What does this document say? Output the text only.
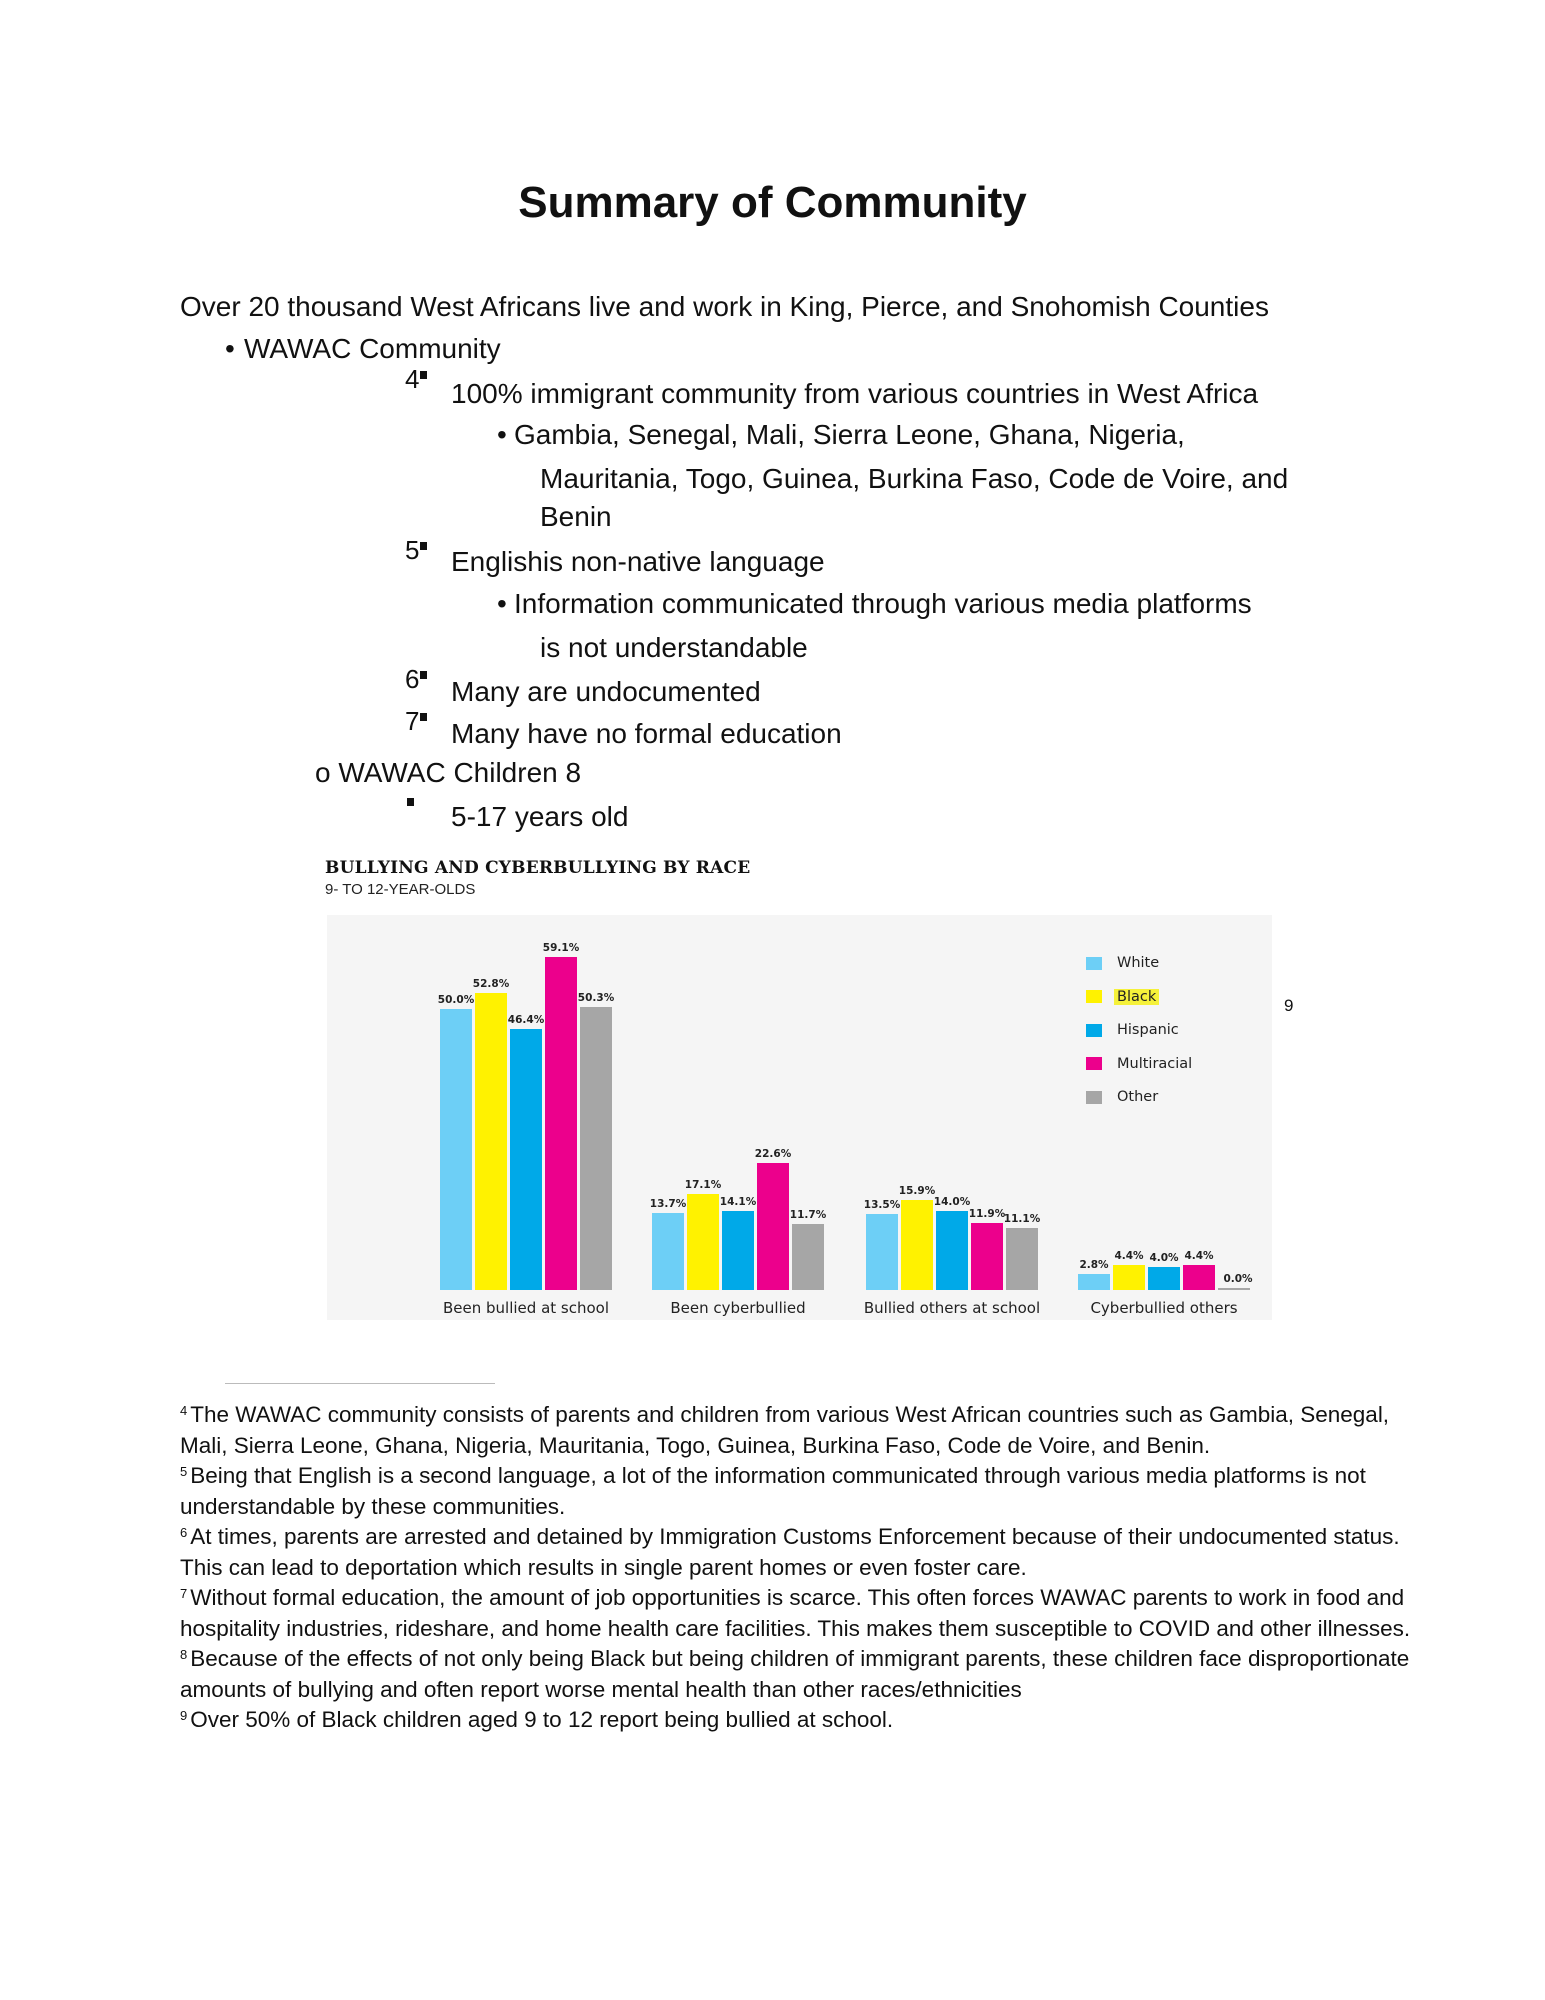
Summary of Community
Over 20 thousand West Africans live and work in King, Pierce, and Snohomish Counties
• WAWAC Community
4 100% immigrant community from various countries in West Africa
• Gambia, Senegal, Mali, Sierra Leone, Ghana, Nigeria,
Mauritania, Togo, Guinea, Burkina Faso, Code de Voire, and
Benin
5 Englishis non-native language
• Information communicated through various media platforms
is not understandable
6 Many are undocumented
7 Many have no formal education
o WAWAC Children 8
5-17 years old
BULLYING AND CYBERBULLYING BY RACE
9- TO 12-YEAR-OLDS
50.0%
52.8%
46.4%
59.1%
50.3%
13.7%
17.1%
14.1%
22.6%
11.7%
13.5%
15.9%
14.0%
11.9%
11.1%
2.8%
4.4% 4.0% 4.4%
0.0%
Been bullied at school	Been cyberbullied	Bullied others at school	Cyberbullied others
White
Black
Hispanic
Multiracial
Other
9

$^4$ The WAWAC community consists of parents and children from various West African countries such as Gambia, Senegal, Mali, Sierra Leone, Ghana, Nigeria, Mauritania, Togo, Guinea, Burkina Faso, Code de Voire, and Benin.

$^5$ Being that English is a second language, a lot of the information communicated through various media platforms is not understandable by these communities.

$^6$ At times, parents are arrested and detained by Immigration Customs Enforcement because of their undocumented status. This can lead to deportation which results in single parent homes or even foster care.

$^7$ Without formal education, the amount of job opportunities is scarce. This often forces WAWAC parents to work in food and hospitality industries, rideshare, and home health care facilities. This makes them susceptible to COVID and other illnesses.

$^8$ Because of the effects of not only being Black but being children of immigrant parents, these children face disproportionate amounts of bullying and often report worse mental health than other races/ethnicities

$^9$ Over 50% of Black children aged 9 to 12 report being bullied at school.
